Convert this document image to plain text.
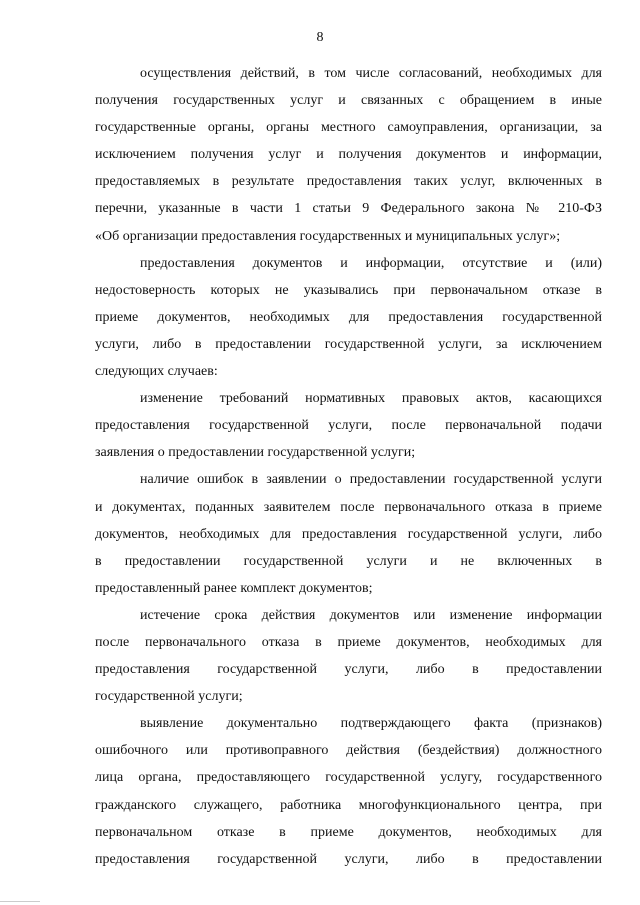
8

осуществления действий, в том числе согласований, необходимых для
получения государственных услуг и связанных с обращением в иные
государственные органы, органы местного самоуправления, организации, за
исключением получения услуг и получения документов и информации,
предоставляемых в результате предоставления таких услуг, включенных в
перечни, указанные в части 1 статьи 9 Федерального закона № 210-ФЗ
«Об организации предоставления государственных и муниципальных услуг»;

предоставления документов и информации, отсутствие и (или)
недостоверность которых не указывались при первоначальном отказе в
приеме документов, необходимых для предоставления государственной
услуги, либо в предоставлении государственной услуги, за исключением
следующих случаев:

изменение требований нормативных правовых актов, касающихся
предоставления государственной услуги, после первоначальной подачи
заявления о предоставлении государственной услуги;

наличие ошибок в заявлении о предоставлении государственной услуги
и документах, поданных заявителем после первоначального отказа в приеме
документов, необходимых для предоставления государственной услуги, либо
в предоставлении государственной услуги и не включенных в
предоставленный ранее комплект документов;

истечение срока действия документов или изменение информации
после первоначального отказа в приеме документов, необходимых для
предоставления государственной услуги, либо в предоставлении
государственной услуги;

выявление документально подтверждающего факта (признаков)
ошибочного или противоправного действия (бездействия) должностного
лица органа, предоставляющего государственной услугу, государственного
гражданского служащего, работника многофункционального центра, при
первоначальном отказе в приеме документов, необходимых для
предоставления государственной услуги, либо в предоставлении
